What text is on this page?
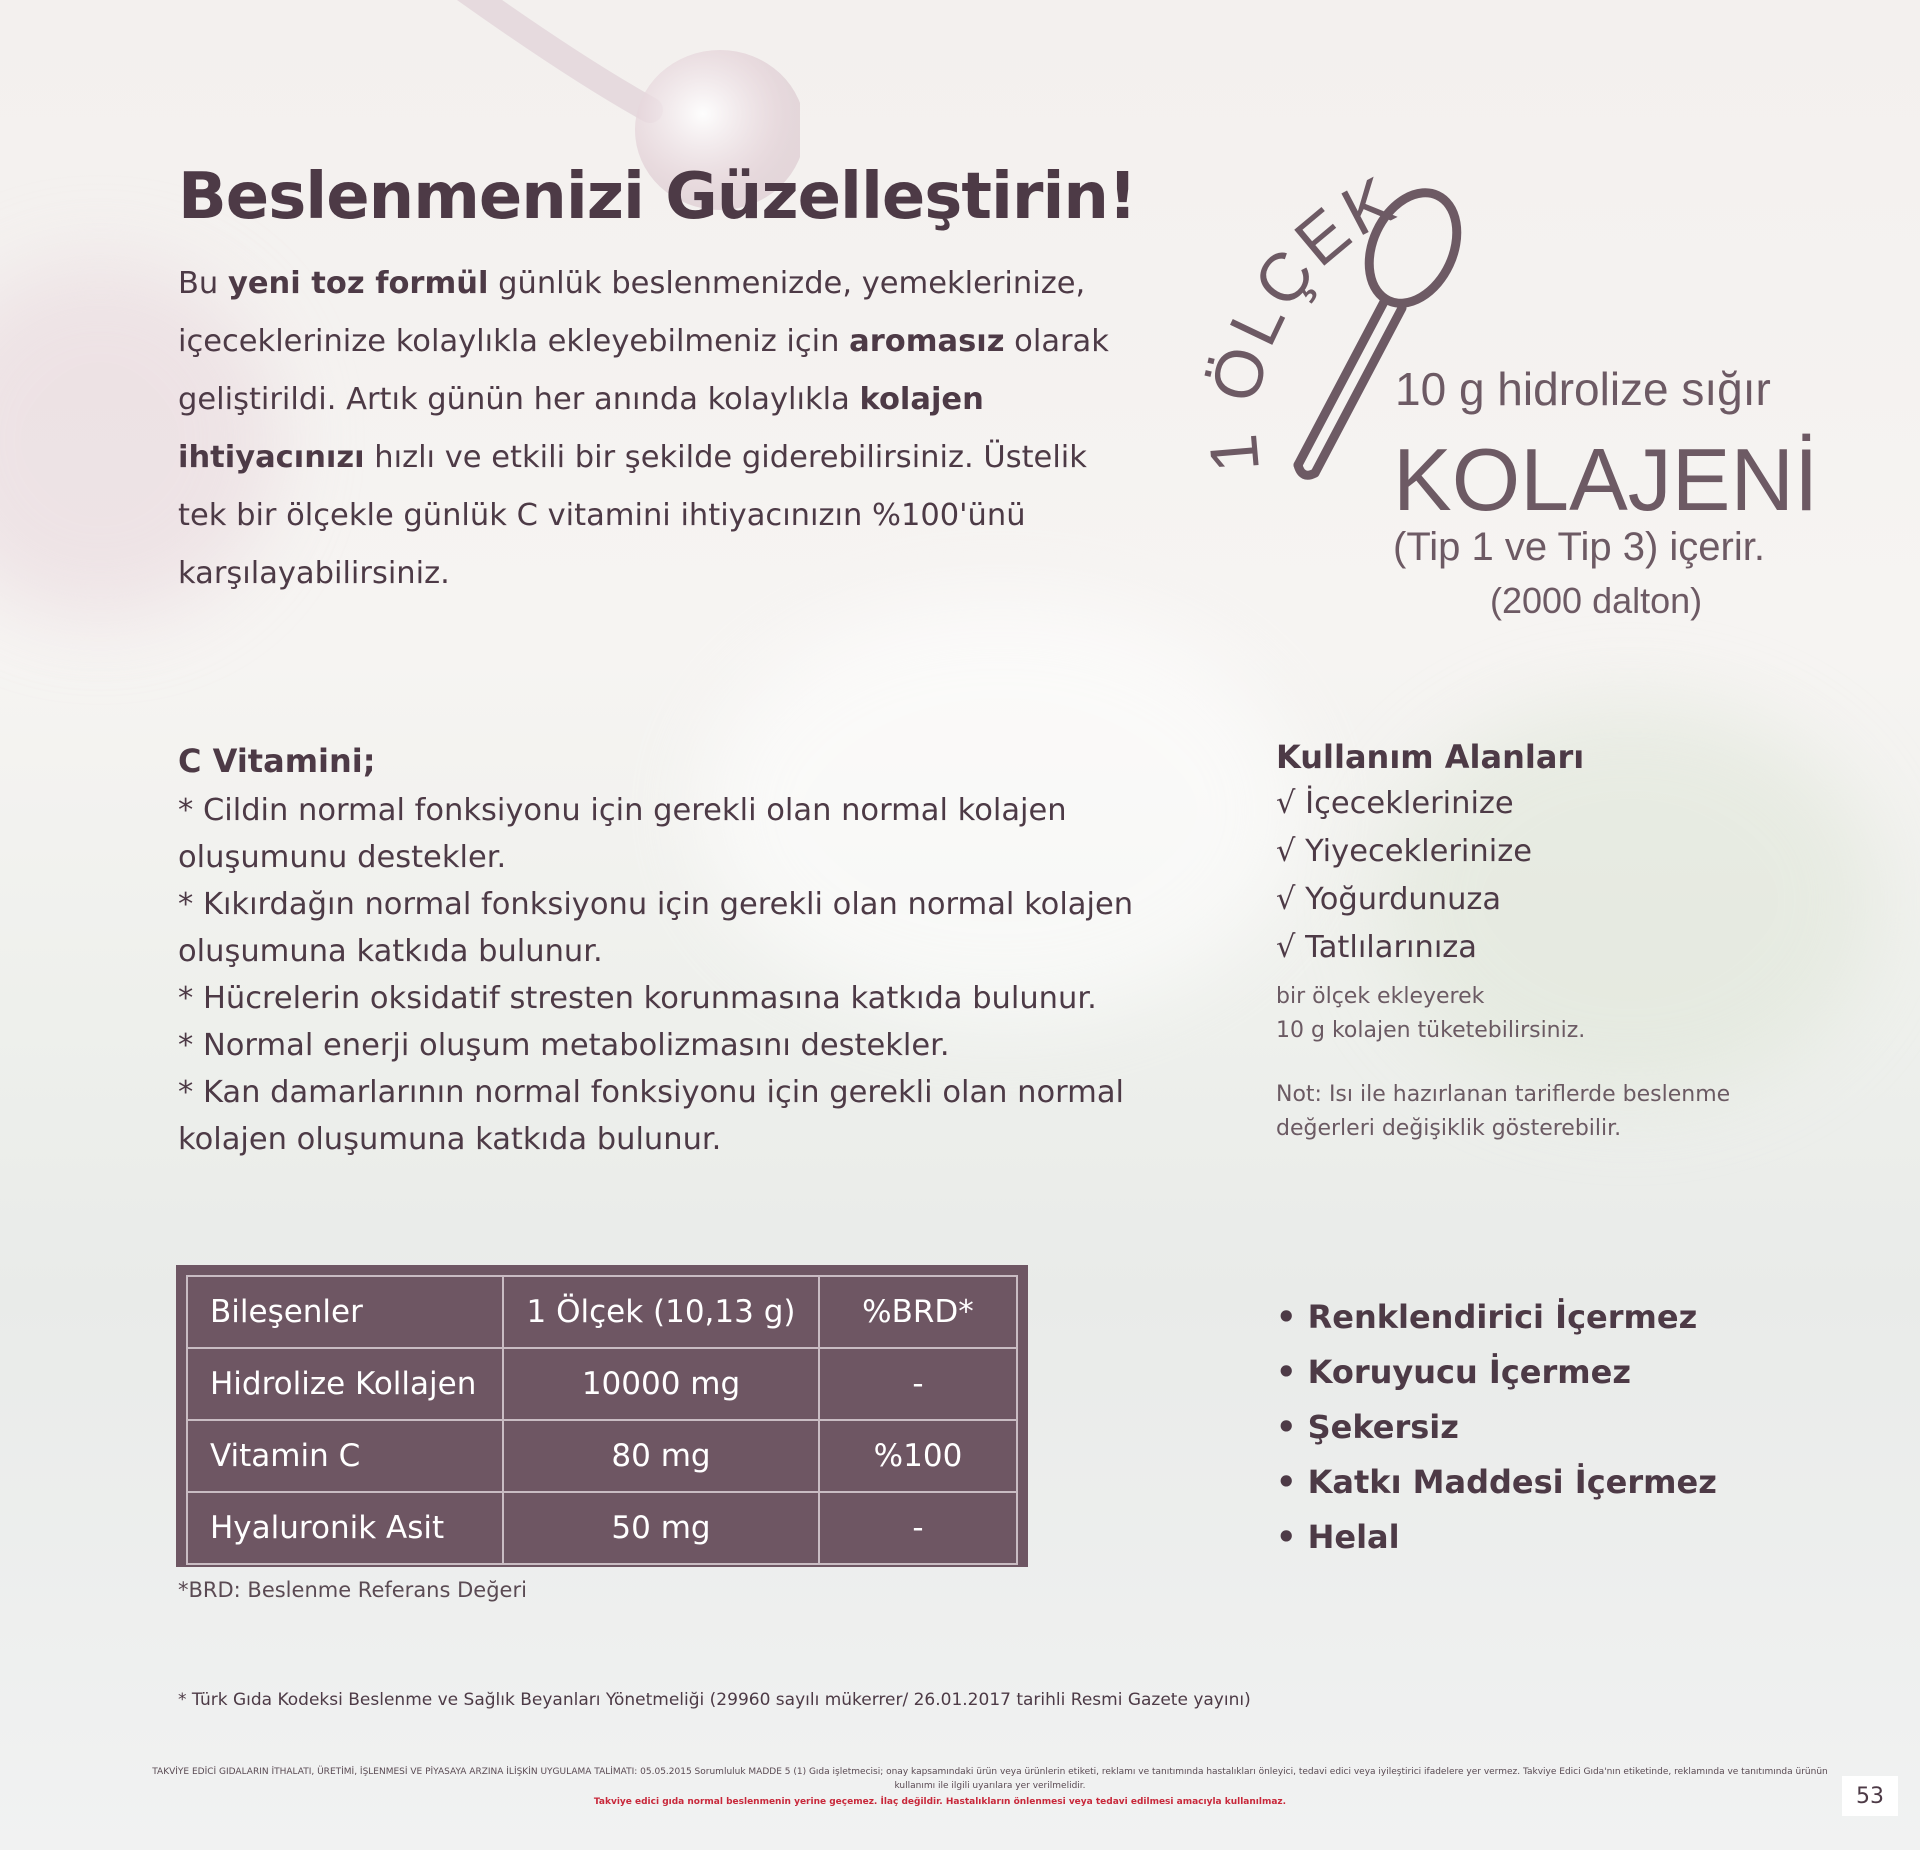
Beslenmenizi Güzelleştirin!
Bu yeni toz formül günlük beslenmenizde, yemeklerinize, içeceklerinize kolaylıkla ekleyebilmeniz için aromasız olarak geliştirildi. Artık günün her anında kolaylıkla kolajen ihtiyacınızı hızlı ve etkili bir şekilde giderebilirsiniz. Üstelik tek bir ölçekle günlük C vitamini ihtiyacınızın %100'ünü karşılayabilirsiniz.
1 ÖLÇEK
10 g hidrolize sığır
KOLAJENİ
(Tip 1 ve Tip 3) içerir.
(2000 dalton)
C Vitamini;

* Cildin normal fonksiyonu için gerekli olan normal kolajen oluşumunu destekler.

* Kıkırdağın normal fonksiyonu için gerekli olan normal kolajen oluşumuna katkıda bulunur.

* Hücrelerin oksidatif stresten korunmasına katkıda bulunur.

* Normal enerji oluşum metabolizmasını destekler.

* Kan damarlarının normal fonksiyonu için gerekli olan normal kolajen oluşumuna katkıda bulunur.

Kullanım Alanları
√ İçeceklerinize
√ Yiyeceklerinize
√ Yoğurdunuza
√ Tatlılarınıza
bir ölçek ekleyerek
10 g kolajen tüketebilirsiniz.
Not: Isı ile hazırlanan tariflerde beslenme
değerleri değişiklik gösterebilir.
Bileşenler	1 Ölçek (10,13 g)	%BRD*
Hidrolize Kollajen	10000 mg	-
Vitamin C	80 mg	%100
Hyaluronik Asit	50 mg	-
*BRD: Beslenme Referans Değeri
• Renklendirici İçermez
• Koruyucu İçermez
• Şekersiz
• Katkı Maddesi İçermez
• Helal
* Türk Gıda Kodeksi Beslenme ve Sağlık Beyanları Yönetmeliği (29960 sayılı mükerrer/ 26.01.2017 tarihli Resmi Gazete yayını)
TAKVİYE EDİCİ GIDALARIN İTHALATI, ÜRETİMİ, İŞLENMESİ VE PİYASAYA ARZINA İLİŞKİN UYGULAMA TALİMATI: 05.05.2015 Sorumluluk MADDE 5 (1) Gıda işletmecisi; onay kapsamındaki ürün veya ürünlerin etiketi, reklamı ve tanıtımında hastalıkları önleyici, tedavi edici veya iyileştirici ifadelere yer vermez. Takviye Edici Gıda'nın etiketinde, reklamında ve tanıtımında ürünün kullanımı ile ilgili uyarılara yer verilmelidir.
Takviye edici gıda normal beslenmenin yerine geçemez. İlaç değildir. Hastalıkların önlenmesi veya tedavi edilmesi amacıyla kullanılmaz.	53
